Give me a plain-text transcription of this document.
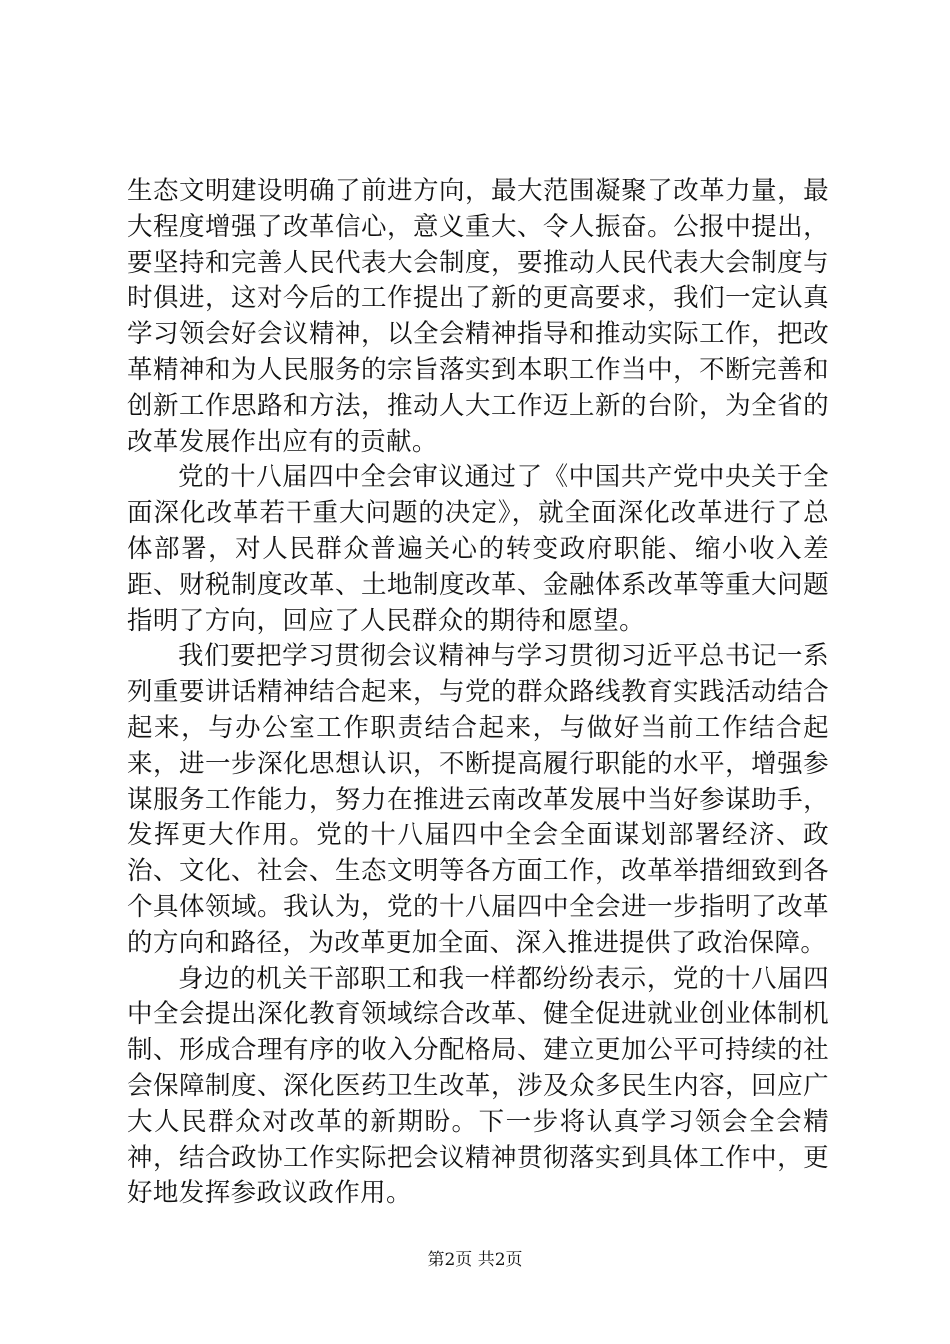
生态文明建设明确了前进方向，最大范围凝聚了改革力量，最大程度增强了改革信心，意义重大、令人振奋。公报中提出，要坚持和完善人民代表大会制度，要推动人民代表大会制度与时俱进，这对今后的工作提出了新的更高要求，我们一定认真学习领会好会议精神，以全会精神指导和推动实际工作，把改革精神和为人民服务的宗旨落实到本职工作当中，不断完善和创新工作思路和方法，推动人大工作迈上新的台阶，为全省的改革发展作出应有的贡献。

党的十八届四中全会审议通过了《中国共产党中央关于全面深化改革若干重大问题的决定》，就全面深化改革进行了总体部署，对人民群众普遍关心的转变政府职能、缩小收入差距、财税制度改革、土地制度改革、金融体系改革等重大问题指明了方向，回应了人民群众的期待和愿望。

我们要把学习贯彻会议精神与学习贯彻习近平总书记一系列重要讲话精神结合起来，与党的群众路线教育实践活动结合起来，与办公室工作职责结合起来，与做好当前工作结合起来，进一步深化思想认识，不断提高履行职能的水平，增强参谋服务工作能力，努力在推进云南改革发展中当好参谋助手，发挥更大作用。党的十八届四中全会全面谋划部署经济、政治、文化、社会、生态文明等各方面工作，改革举措细致到各个具体领域。我认为，党的十八届四中全会进一步指明了改革的方向和路径，为改革更加全面、深入推进提供了政治保障。

身边的机关干部职工和我一样都纷纷表示，党的十八届四中全会提出深化教育领域综合改革、健全促进就业创业体制机制、形成合理有序的收入分配格局、建立更加公平可持续的社会保障制度、深化医药卫生改革，涉及众多民生内容，回应广大人民群众对改革的新期盼。下一步将认真学习领会全会精神，结合政协工作实际把会议精神贯彻落实到具体工作中，更好地发挥参政议政作用。

第2页 共2页
